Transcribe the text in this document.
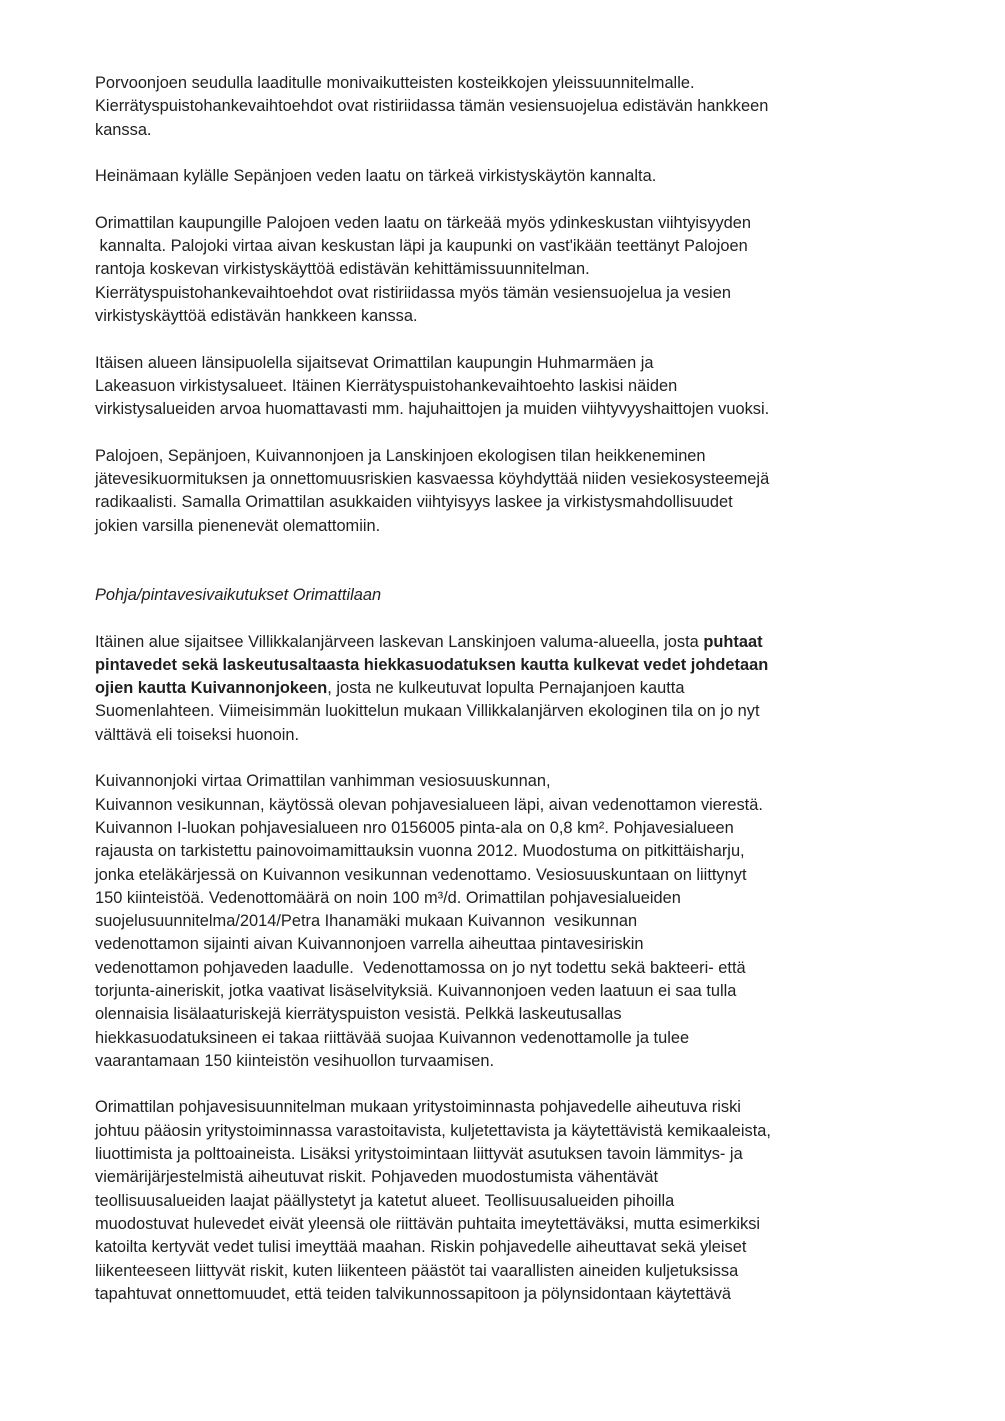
Porvoonjoen seudulla laaditulle monivaikutteisten kosteikkojen yleissuunnitelmalle.
Kierrätyspuistohankevaihtoehdot ovat ristiriidassa tämän vesiensuojelua edistävän hankkeen
kanssa.
Heinämaan kylälle Sepänjoen veden laatu on tärkeä virkistyskäytön kannalta.
Orimattilan kaupungille Palojoen veden laatu on tärkeää myös ydinkeskustan viihtyisyyden
kannalta. Palojoki virtaa aivan keskustan läpi ja kaupunki on vast'ikään teettänyt Palojoen
rantoja koskevan virkistyskäyttöä edistävän kehittämissuunnitelman.
Kierrätyspuistohankevaihtoehdot ovat ristiriidassa myös tämän vesiensuojelua ja vesien
virkistyskäyttöä edistävän hankkeen kanssa.
Itäisen alueen länsipuolella sijaitsevat Orimattilan kaupungin Huhmarmäen ja
Lakeasuon virkistysalueet. Itäinen Kierrätyspuistohankevaihtoehto laskisi näiden
virkistysalueiden arvoa huomattavasti mm. hajuhaittojen ja muiden viihtyvyyshaittojen vuoksi.
Palojoen, Sepänjoen, Kuivannonjoen ja Lanskinjoen ekologisen tilan heikkeneminen
jätevesikuormituksen ja onnettomuusriskien kasvaessa köyhdyttää niiden vesiekosysteemejä
radikaalisti. Samalla Orimattilan asukkaiden viihtyisyys laskee ja virkistysmahdollisuudet
jokien varsilla pienenevät olemattomiin.
Pohja/pintavesivaikutukset Orimattilaan
Itäinen alue sijaitsee Villikkalanjärveen laskevan Lanskinjoen valuma-alueella, josta puhtaat
pintavedet sekä laskeutusaltaasta hiekkasuodatuksen kautta kulkevat vedet johdetaan
ojien kautta Kuivannonjokeen, josta ne kulkeutuvat lopulta Pernajanjoen kautta
Suomenlahteen. Viimeisimmän luokittelun mukaan Villikkalanjärven ekologinen tila on jo nyt
välttävä eli toiseksi huonoin.
Kuivannonjoki virtaa Orimattilan vanhimman vesiosuuskunnan,
Kuivannon vesikunnan, käytössä olevan pohjavesialueen läpi, aivan vedenottamon vierestä.
Kuivannon I-luokan pohjavesialueen nro 0156005 pinta-ala on 0,8 km². Pohjavesialueen
rajausta on tarkistettu painovoimamittauksin vuonna 2012. Muodostuma on pitkittäisharju,
jonka eteläkärjessä on Kuivannon vesikunnan vedenottamo. Vesiosuuskuntaan on liittynyt
150 kiinteistöä. Vedenottomäärä on noin 100 m³/d. Orimattilan pohjavesialueiden
suojelusuunnitelma/2014/Petra Ihanamäki mukaan Kuivannon  vesikunnan
vedenottamon sijainti aivan Kuivannonjoen varrella aiheuttaa pintavesiriskin
vedenottamon pohjaveden laadulle.  Vedenottamossa on jo nyt todettu sekä bakteeri- että
torjunta-aineriskit, jotka vaativat lisäselvityksiä. Kuivannonjoen veden laatuun ei saa tulla
olennaisia lisälaaturiskejä kierrätyspuiston vesistä. Pelkkä laskeutusallas
hiekkasuodatuksineen ei takaa riittävää suojaa Kuivannon vedenottamolle ja tulee
vaarantamaan 150 kiinteistön vesihuollon turvaamisen.
Orimattilan pohjavesisuunnitelman mukaan yritystoiminnasta pohjavedelle aiheutuva riski
johtuu pääosin yritystoiminnassa varastoitavista, kuljetettavista ja käytettävistä kemikaaleista,
liuottimista ja polttoaineista. Lisäksi yritystoimintaan liittyvät asutuksen tavoin lämmitys- ja
viemärijärjestelmistä aiheutuvat riskit. Pohjaveden muodostumista vähentävät
teollisuusalueiden laajat päällystetyt ja katetut alueet. Teollisuusalueiden pihoilla
muodostuvat hulevedet eivät yleensä ole riittävän puhtaita imeytettäväksi, mutta esimerkiksi
katoilta kertyvät vedet tulisi imeyttää maahan. Riskin pohjavedelle aiheuttavat sekä yleiset
liikenteeseen liittyvät riskit, kuten liikenteen päästöt tai vaarallisten aineiden kuljetuksissa
tapahtuvat onnettomuudet, että teiden talvikunnossapitoon ja pölynsidontaan käytettävä
